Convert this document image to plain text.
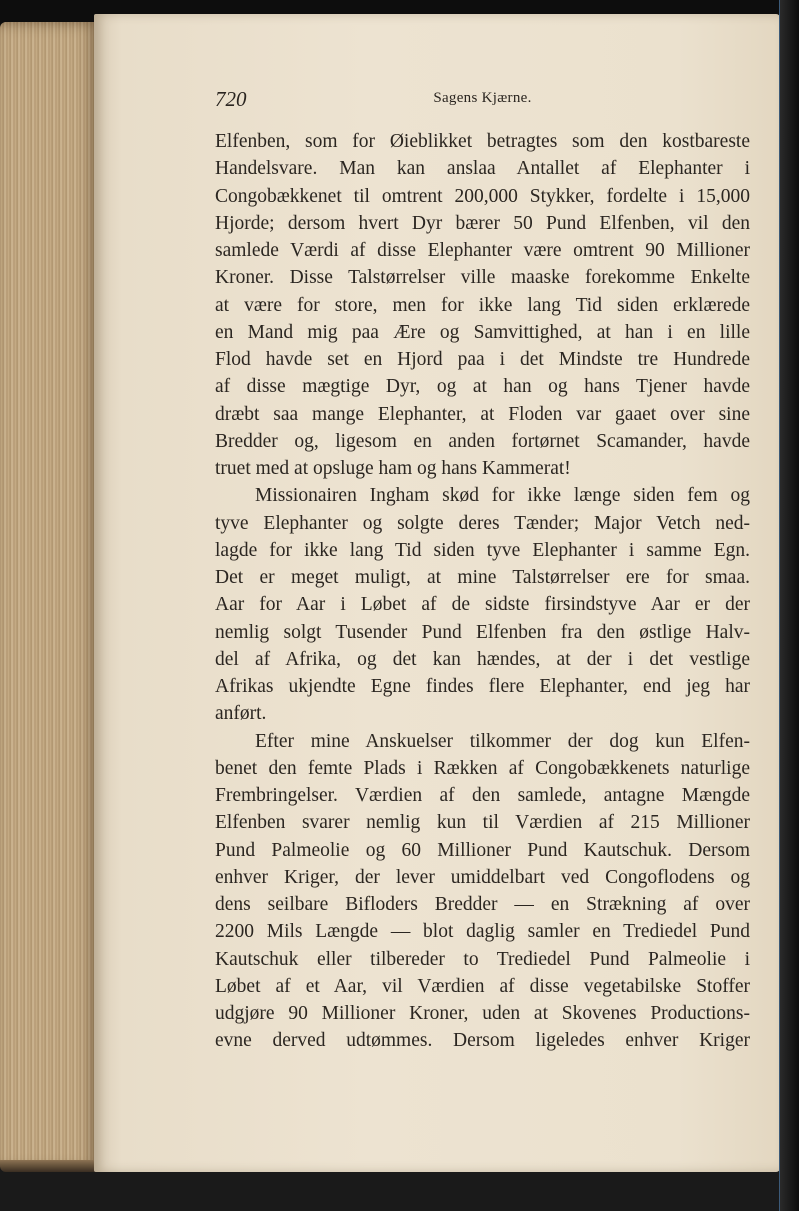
720	Sagens Kjærne.
Elfenben, som for Øieblikket betragtes som den kostbareste
Handelsvare. Man kan anslaa Antallet af Elephanter i
Congobækkenet til omtrent 200,000 Stykker, fordelte i 15,000
Hjorde; dersom hvert Dyr bærer 50 Pund Elfenben, vil den
samlede Værdi af disse Elephanter være omtrent 90 Millioner
Kroner. Disse Talstørrelser ville maaske forekomme Enkelte
at være for store, men for ikke lang Tid siden erklærede
en Mand mig paa Ære og Samvittighed, at han i en lille
Flod havde set en Hjord paa i det Mindste tre Hundrede
af disse mægtige Dyr, og at han og hans Tjener havde
dræbt saa mange Elephanter, at Floden var gaaet over sine
Bredder og, ligesom en anden fortørnet Scamander, havde
truet med at opsluge ham og hans Kammerat!
Missionairen Ingham skød for ikke længe siden fem og
tyve Elephanter og solgte deres Tænder; Major Vetch ned-
lagde for ikke lang Tid siden tyve Elephanter i samme Egn.
Det er meget muligt, at mine Talstørrelser ere for smaa.
Aar for Aar i Løbet af de sidste firsindstyve Aar er der
nemlig solgt Tusender Pund Elfenben fra den østlige Halv-
del af Afrika, og det kan hændes, at der i det vestlige
Afrikas ukjendte Egne findes flere Elephanter, end jeg har
anført.
Efter mine Anskuelser tilkommer der dog kun Elfen-
benet den femte Plads i Rækken af Congobækkenets naturlige
Frembringelser. Værdien af den samlede, antagne Mængde
Elfenben svarer nemlig kun til Værdien af 215 Millioner
Pund Palmeolie og 60 Millioner Pund Kautschuk. Dersom
enhver Kriger, der lever umiddelbart ved Congoflodens og
dens seilbare Bifloders Bredder — en Strækning af over
2200 Mils Længde — blot daglig samler en Trediedel Pund
Kautschuk eller tilbereder to Trediedel Pund Palmeolie i
Løbet af et Aar, vil Værdien af disse vegetabilske Stoffer
udgjøre 90 Millioner Kroner, uden at Skovenes Productions-
evne derved udtømmes. Dersom ligeledes enhver Kriger
